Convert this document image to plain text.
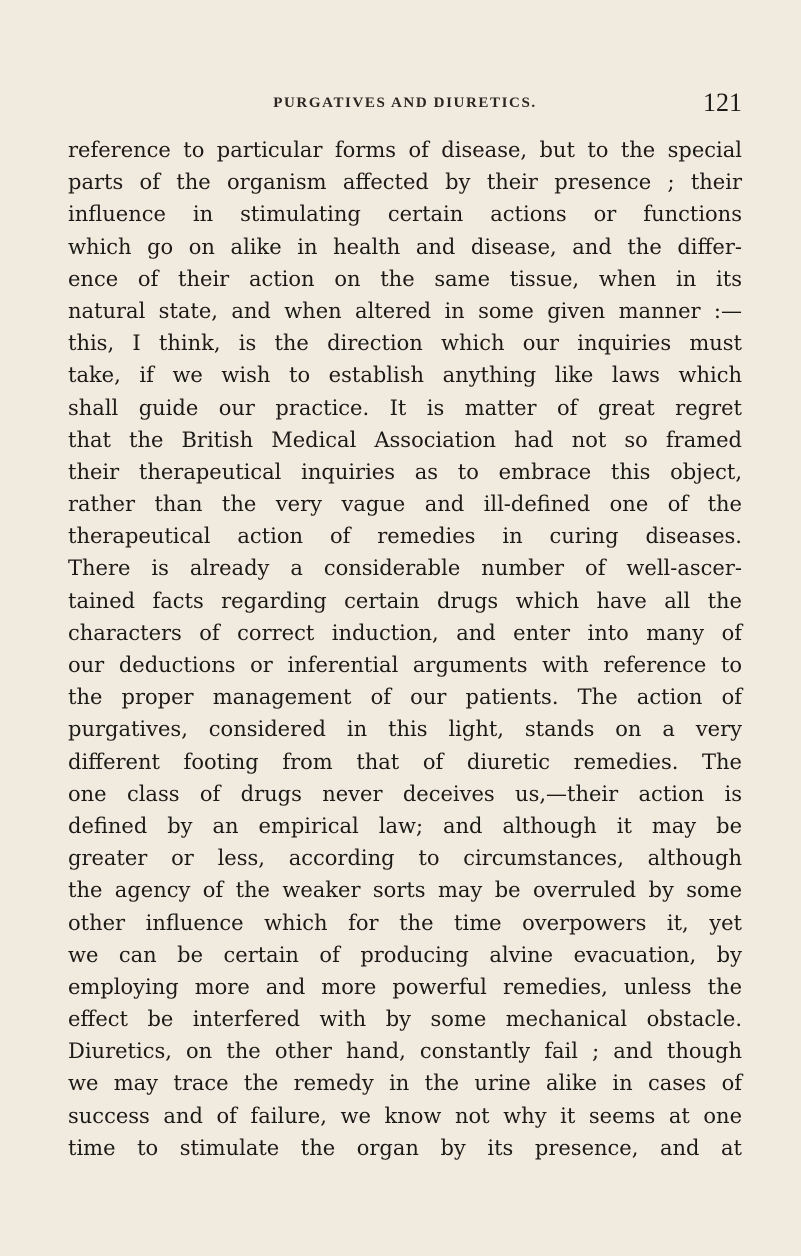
PURGATIVES AND DIURETICS.	121
reference to particular forms of disease, but to the special
parts of the organism affected by their presence ; their
influence in stimulating certain actions or functions
which go on alike in health and disease, and the differ-
ence of their action on the same tissue, when in its
natural state, and when altered in some given manner :—
this, I think, is the direction which our inquiries must
take, if we wish to establish anything like laws which
shall guide our practice. It is matter of great regret
that the British Medical Association had not so framed
their therapeutical inquiries as to embrace this object,
rather than the very vague and ill-defined one of the
therapeutical action of remedies in curing diseases.
There is already a considerable number of well-ascer-
tained facts regarding certain drugs which have all the
characters of correct induction, and enter into many of
our deductions or inferential arguments with reference to
the proper management of our patients. The action of
purgatives, considered in this light, stands on a very
different footing from that of diuretic remedies. The
one class of drugs never deceives us,—their action is
defined by an empirical law; and although it may be
greater or less, according to circumstances, although
the agency of the weaker sorts may be overruled by some
other influence which for the time overpowers it, yet
we can be certain of producing alvine evacuation, by
employing more and more powerful remedies, unless the
effect be interfered with by some mechanical obstacle.
Diuretics, on the other hand, constantly fail ; and though
we may trace the remedy in the urine alike in cases of
success and of failure, we know not why it seems at one
time to stimulate the organ by its presence, and at
